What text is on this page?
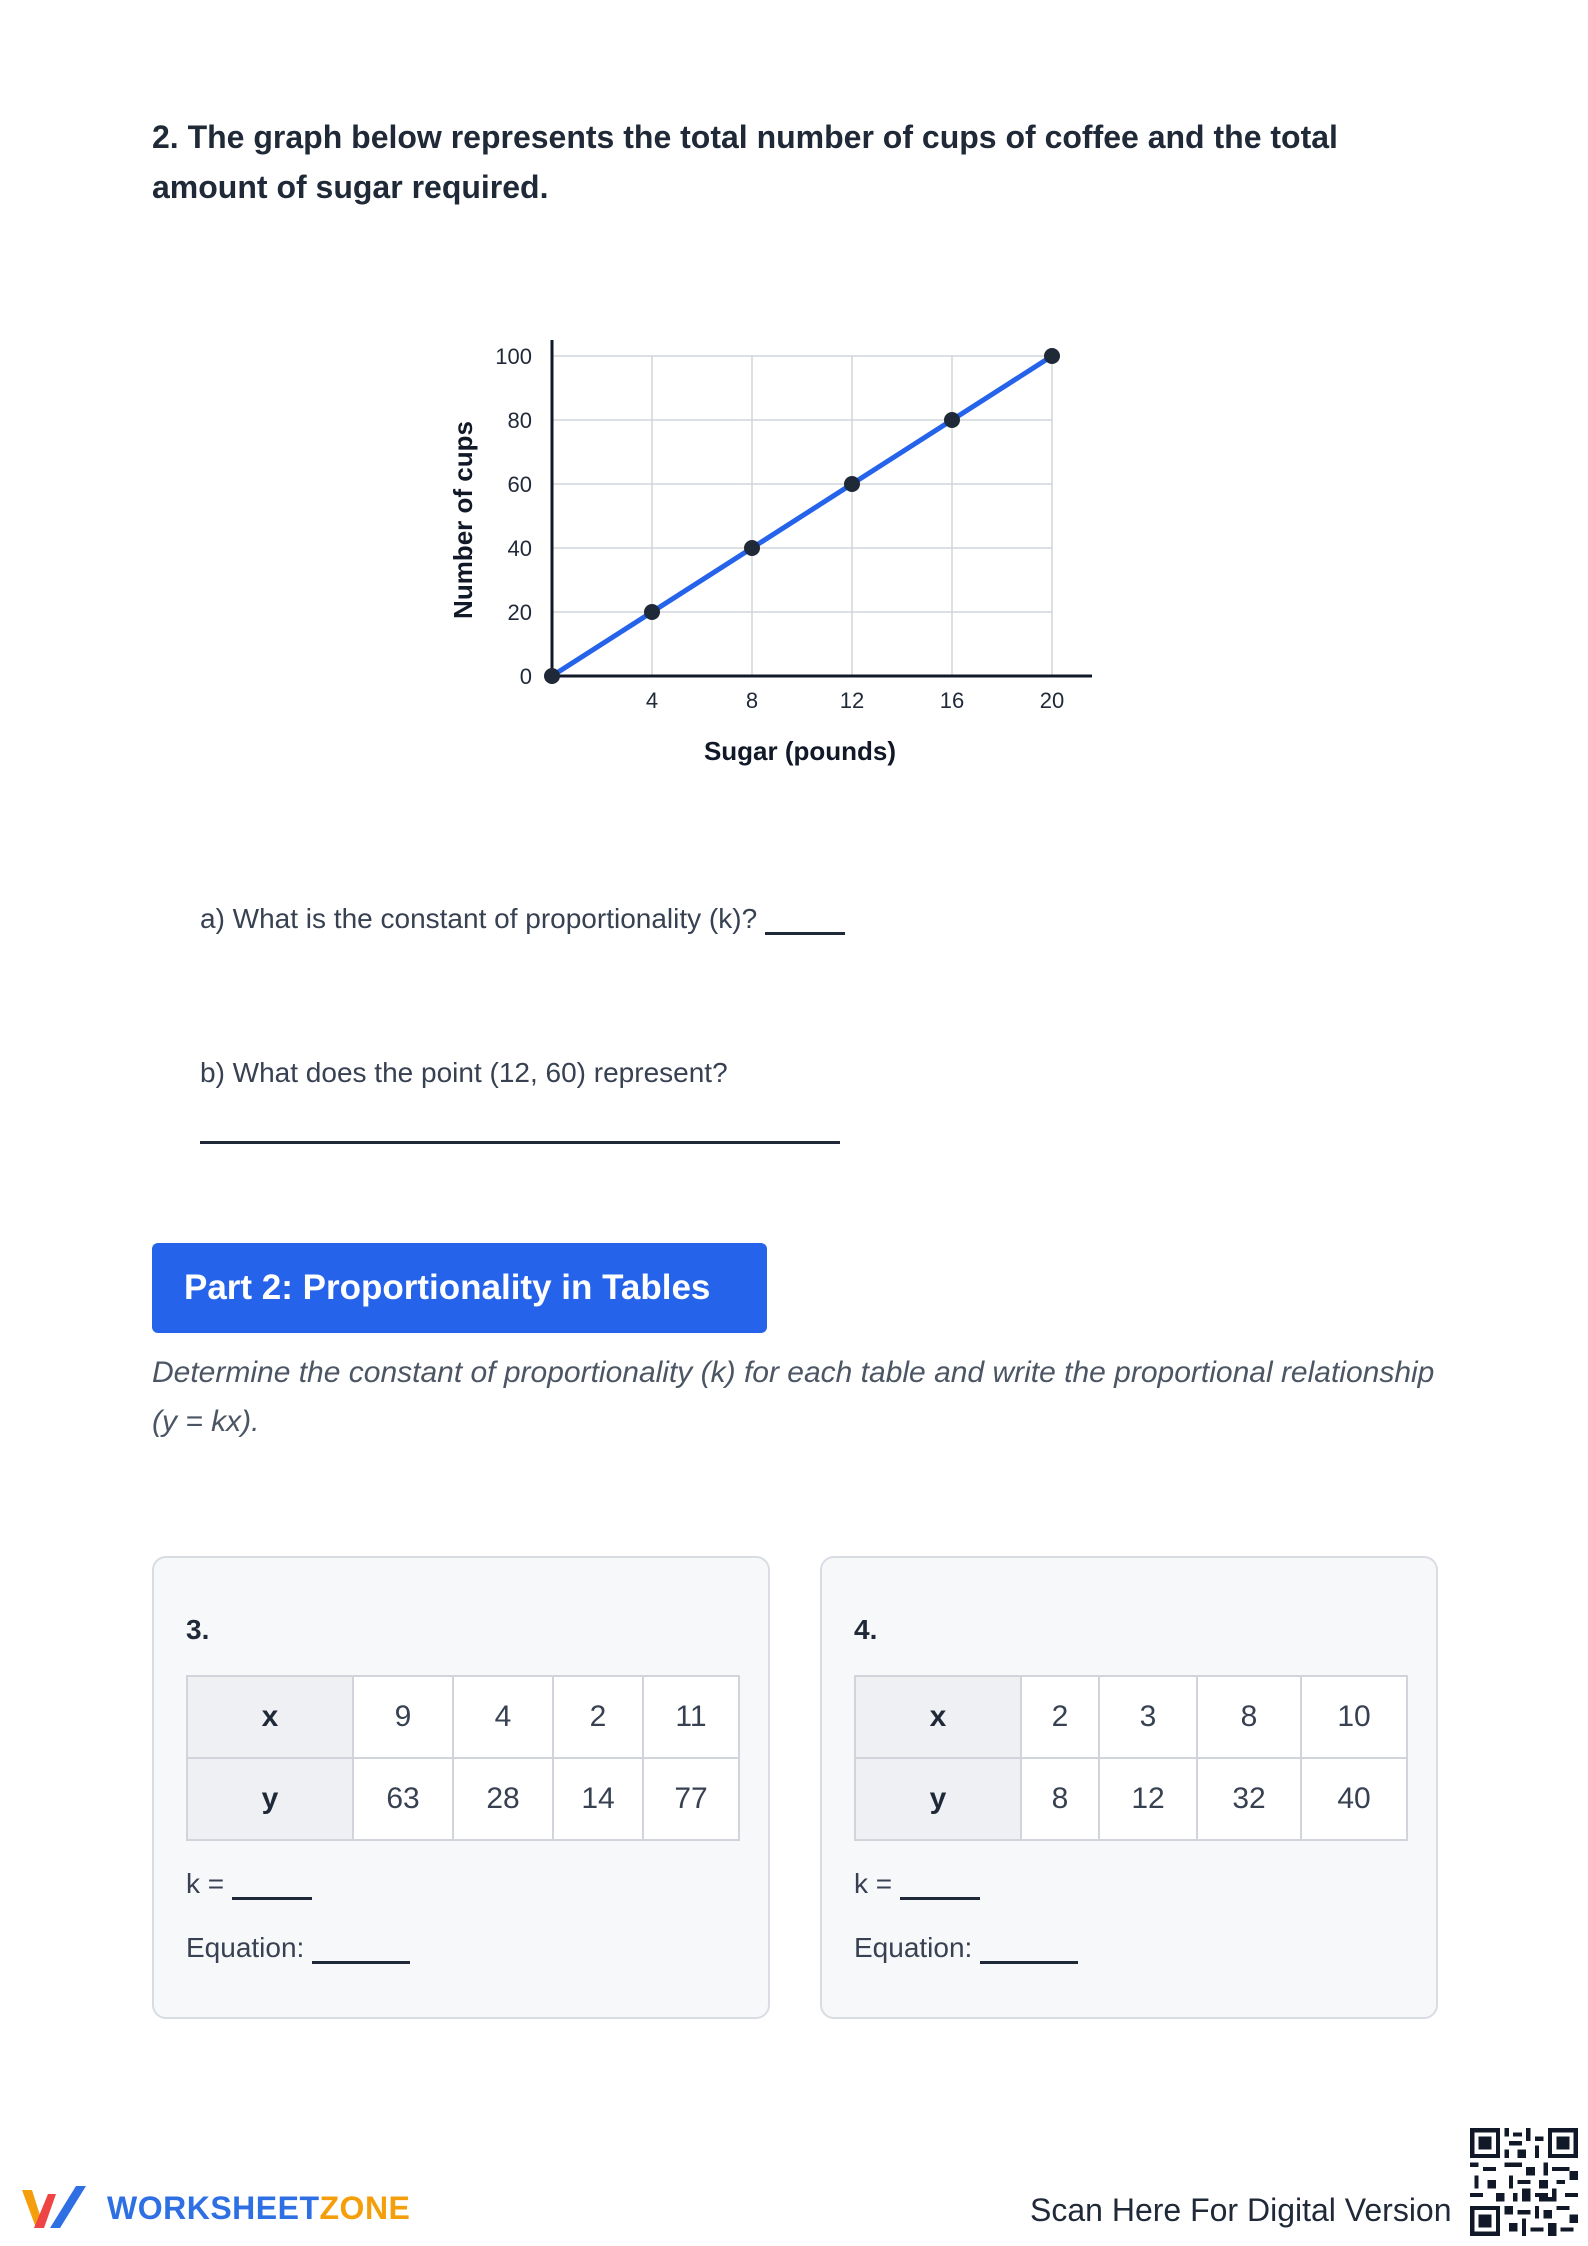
2. The graph below represents the total number of cups of coffee and the total amount of sugar required.
4	8	12	16	20
0
20
40
60
80
100
Sugar (pounds)
Number of cups
a) What is the constant of proportionality (k)?
b) What does the point (12, 60) represent?
Part 2: Proportionality in Tables
Determine the constant of proportionality (k) for each table and write the proportional relationship (y = kx).
3.
x	9	4	2	11
y	63	28	14	77
k =
Equation:
4.
x	2	3	8	10
y	8	12	32	40
k =
Equation:
WORKSHEETZONE	Scan Here For Digital Version
